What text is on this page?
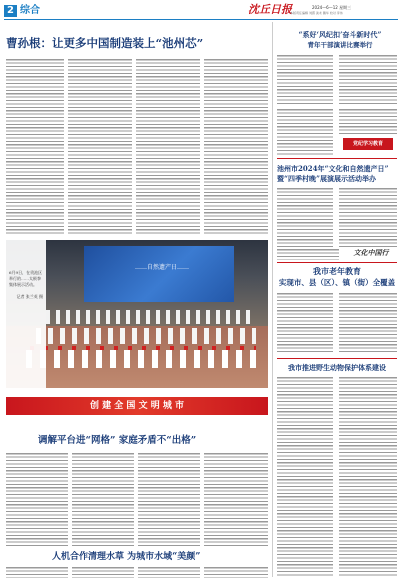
2 综合	沈丘日报	2024—6—12 星期三
本版责任编辑 刘霞 美术 魏华 校对 李伟
曹孙根：让更多中国制造装上“池州芯”
……自然遗产日……
6月9日，在贵池区举行的……太极拳集体展示活动。
记者 张兰英 摄
创 建 全 国 文 明 城 市
调解平台进“网格” 家庭矛盾不“出格”
人机合作清理水草 为城市水域“美颜”
“系好‘风纪扣’奋斗新时代”
青年干部演讲比赛举行
党纪学习教育
池州市2024年“文化和自然遗产日”
暨“四季村晚”展演展示活动举办
文化中国行
我市老年教育
实现市、县（区）、镇（街）全覆盖
我市推进野生动物保护体系建设
